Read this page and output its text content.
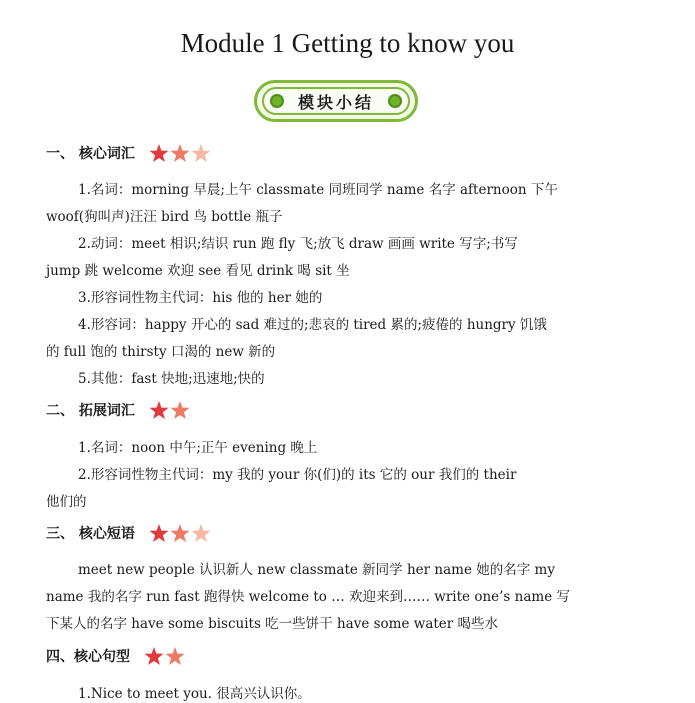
Module 1 Getting to know you
模块小结
一、 核心词汇
1.名词：morning 早晨;上午 classmate 同班同学 name 名字 afternoon 下午
woof(狗叫声)汪汪 bird 鸟 bottle 瓶子
2.动词：meet 相识;结识 run 跑 fly 飞;放飞 draw 画画 write 写字;书写
jump 跳 welcome 欢迎 see 看见 drink 喝 sit 坐
3.形容词性物主代词：his 他的 her 她的
4.形容词：happy 开心的 sad 难过的;悲哀的 tired 累的;疲倦的 hungry 饥饿
的 full 饱的 thirsty 口渴的 new 新的
5.其他：fast 快地;迅速地;快的
二、 拓展词汇
1.名词：noon 中午;正午 evening 晚上
2.形容词性物主代词：my 我的 your 你(们)的 its 它的 our 我们的 their
他们的
三、 核心短语
meet new people 认识新人 new classmate 新同学 her name 她的名字 my
name 我的名字 run fast 跑得快 welcome to … 欢迎来到…… write one’s name 写
下某人的名字 have some biscuits 吃一些饼干 have some water 喝些水
四、核心句型
1.Nice to meet you. 很高兴认识你。
